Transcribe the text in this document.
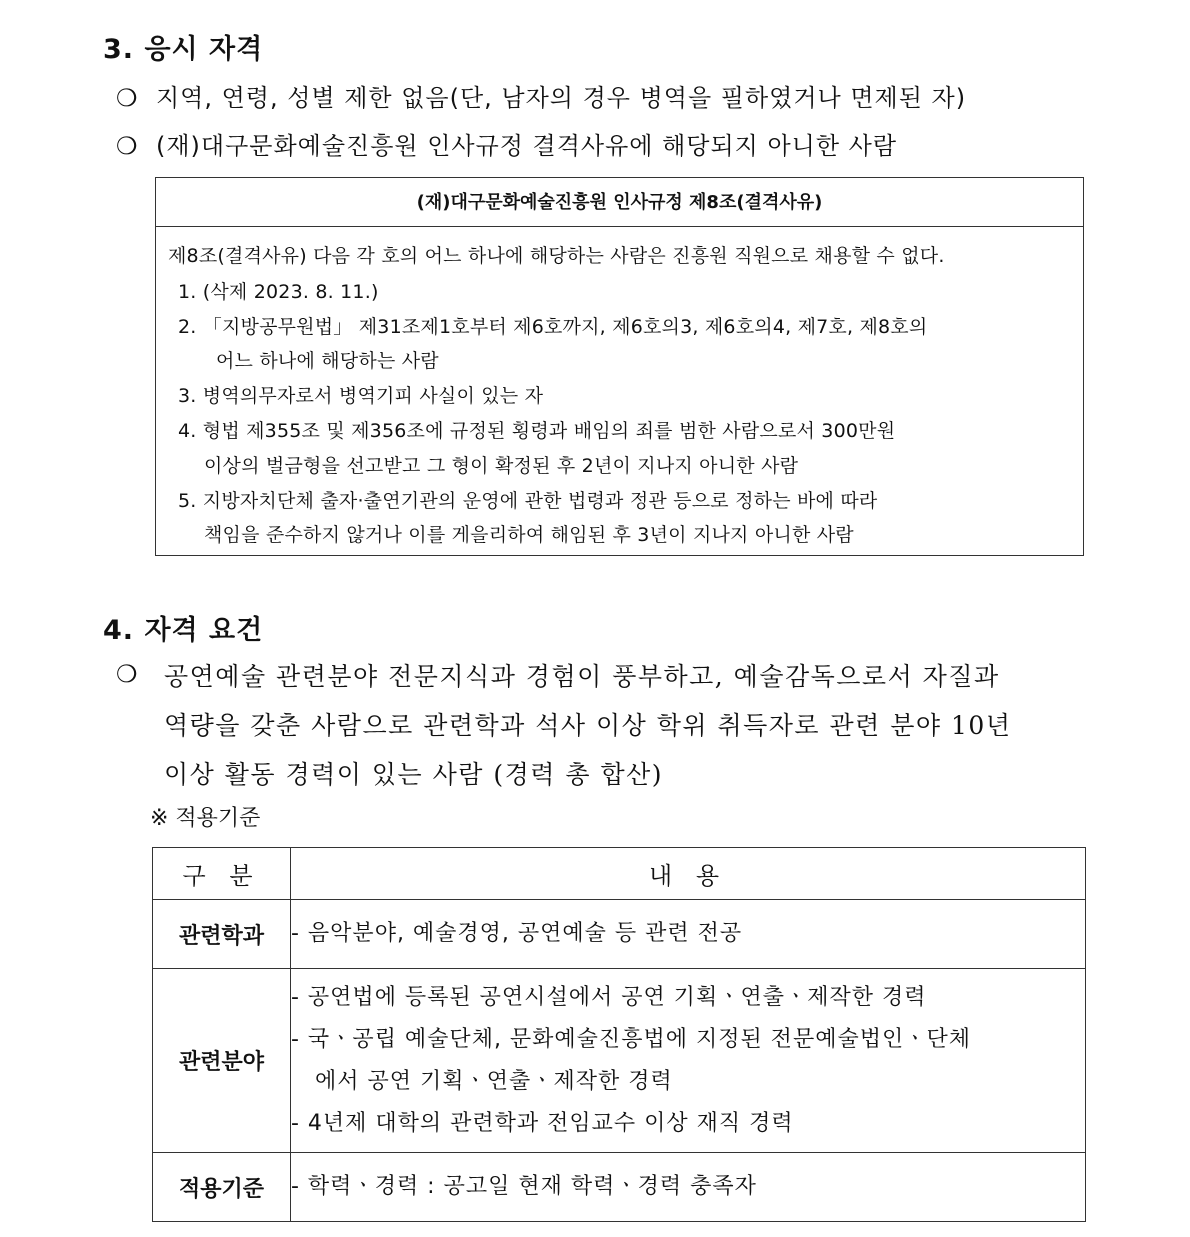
3. 응시 자격
❍ 지역, 연령, 성별 제한 없음(단, 남자의 경우 병역을 필하였거나 면제된 자)
❍ (재)대구문화예술진흥원 인사규정 결격사유에 해당되지 아니한 사람
(재)대구문화예술진흥원 인사규정 제8조(결격사유)
제8조(결격사유) 다음 각 호의 어느 하나에 해당하는 사람은 진흥원 직원으로 채용할 수 없다.
1. (삭제 2023. 8. 11.)
2. 「지방공무원법」 제31조제1호부터 제6호까지, 제6호의3, 제6호의4, 제7호, 제8호의
어느 하나에 해당하는 사람
3. 병역의무자로서 병역기피 사실이 있는 자
4. 형법 제355조 및 제356조에 규정된 횡령과 배임의 죄를 범한 사람으로서 300만원
이상의 벌금형을 선고받고 그 형이 확정된 후 2년이 지나지 아니한 사람
5. 지방자치단체 출자·출연기관의 운영에 관한 법령과 정관 등으로 정하는 바에 따라
책임을 준수하지 않거나 이를 게을리하여 해임된 후 3년이 지나지 아니한 사람
4. 자격 요건
❍ 공연예술 관련분야 전문지식과 경험이 풍부하고, 예술감독으로서 자질과
역량을 갖춘 사람으로 관련학과 석사 이상 학위 취득자로 관련 분야 10년
이상 활동 경력이 있는 사람 (경력 총 합산)
※ 적용기준
구 분	내 용
관련학과	- 음악분야, 예술경영, 공연예술 등 관련 전공

관련분야	- 공연법에 등록된 공연시설에서 공연 기획ㆍ연출ㆍ제작한 경력
- 국ㆍ공립 예술단체, 문화예술진흥법에 지정된 전문예술법인ㆍ단체
에서 공연 기획ㆍ연출ㆍ제작한 경력
- 4년제 대학의 관련학과 전임교수 이상 재직 경력

적용기준	- 학력ㆍ경력 : 공고일 현재 학력ㆍ경력 충족자
